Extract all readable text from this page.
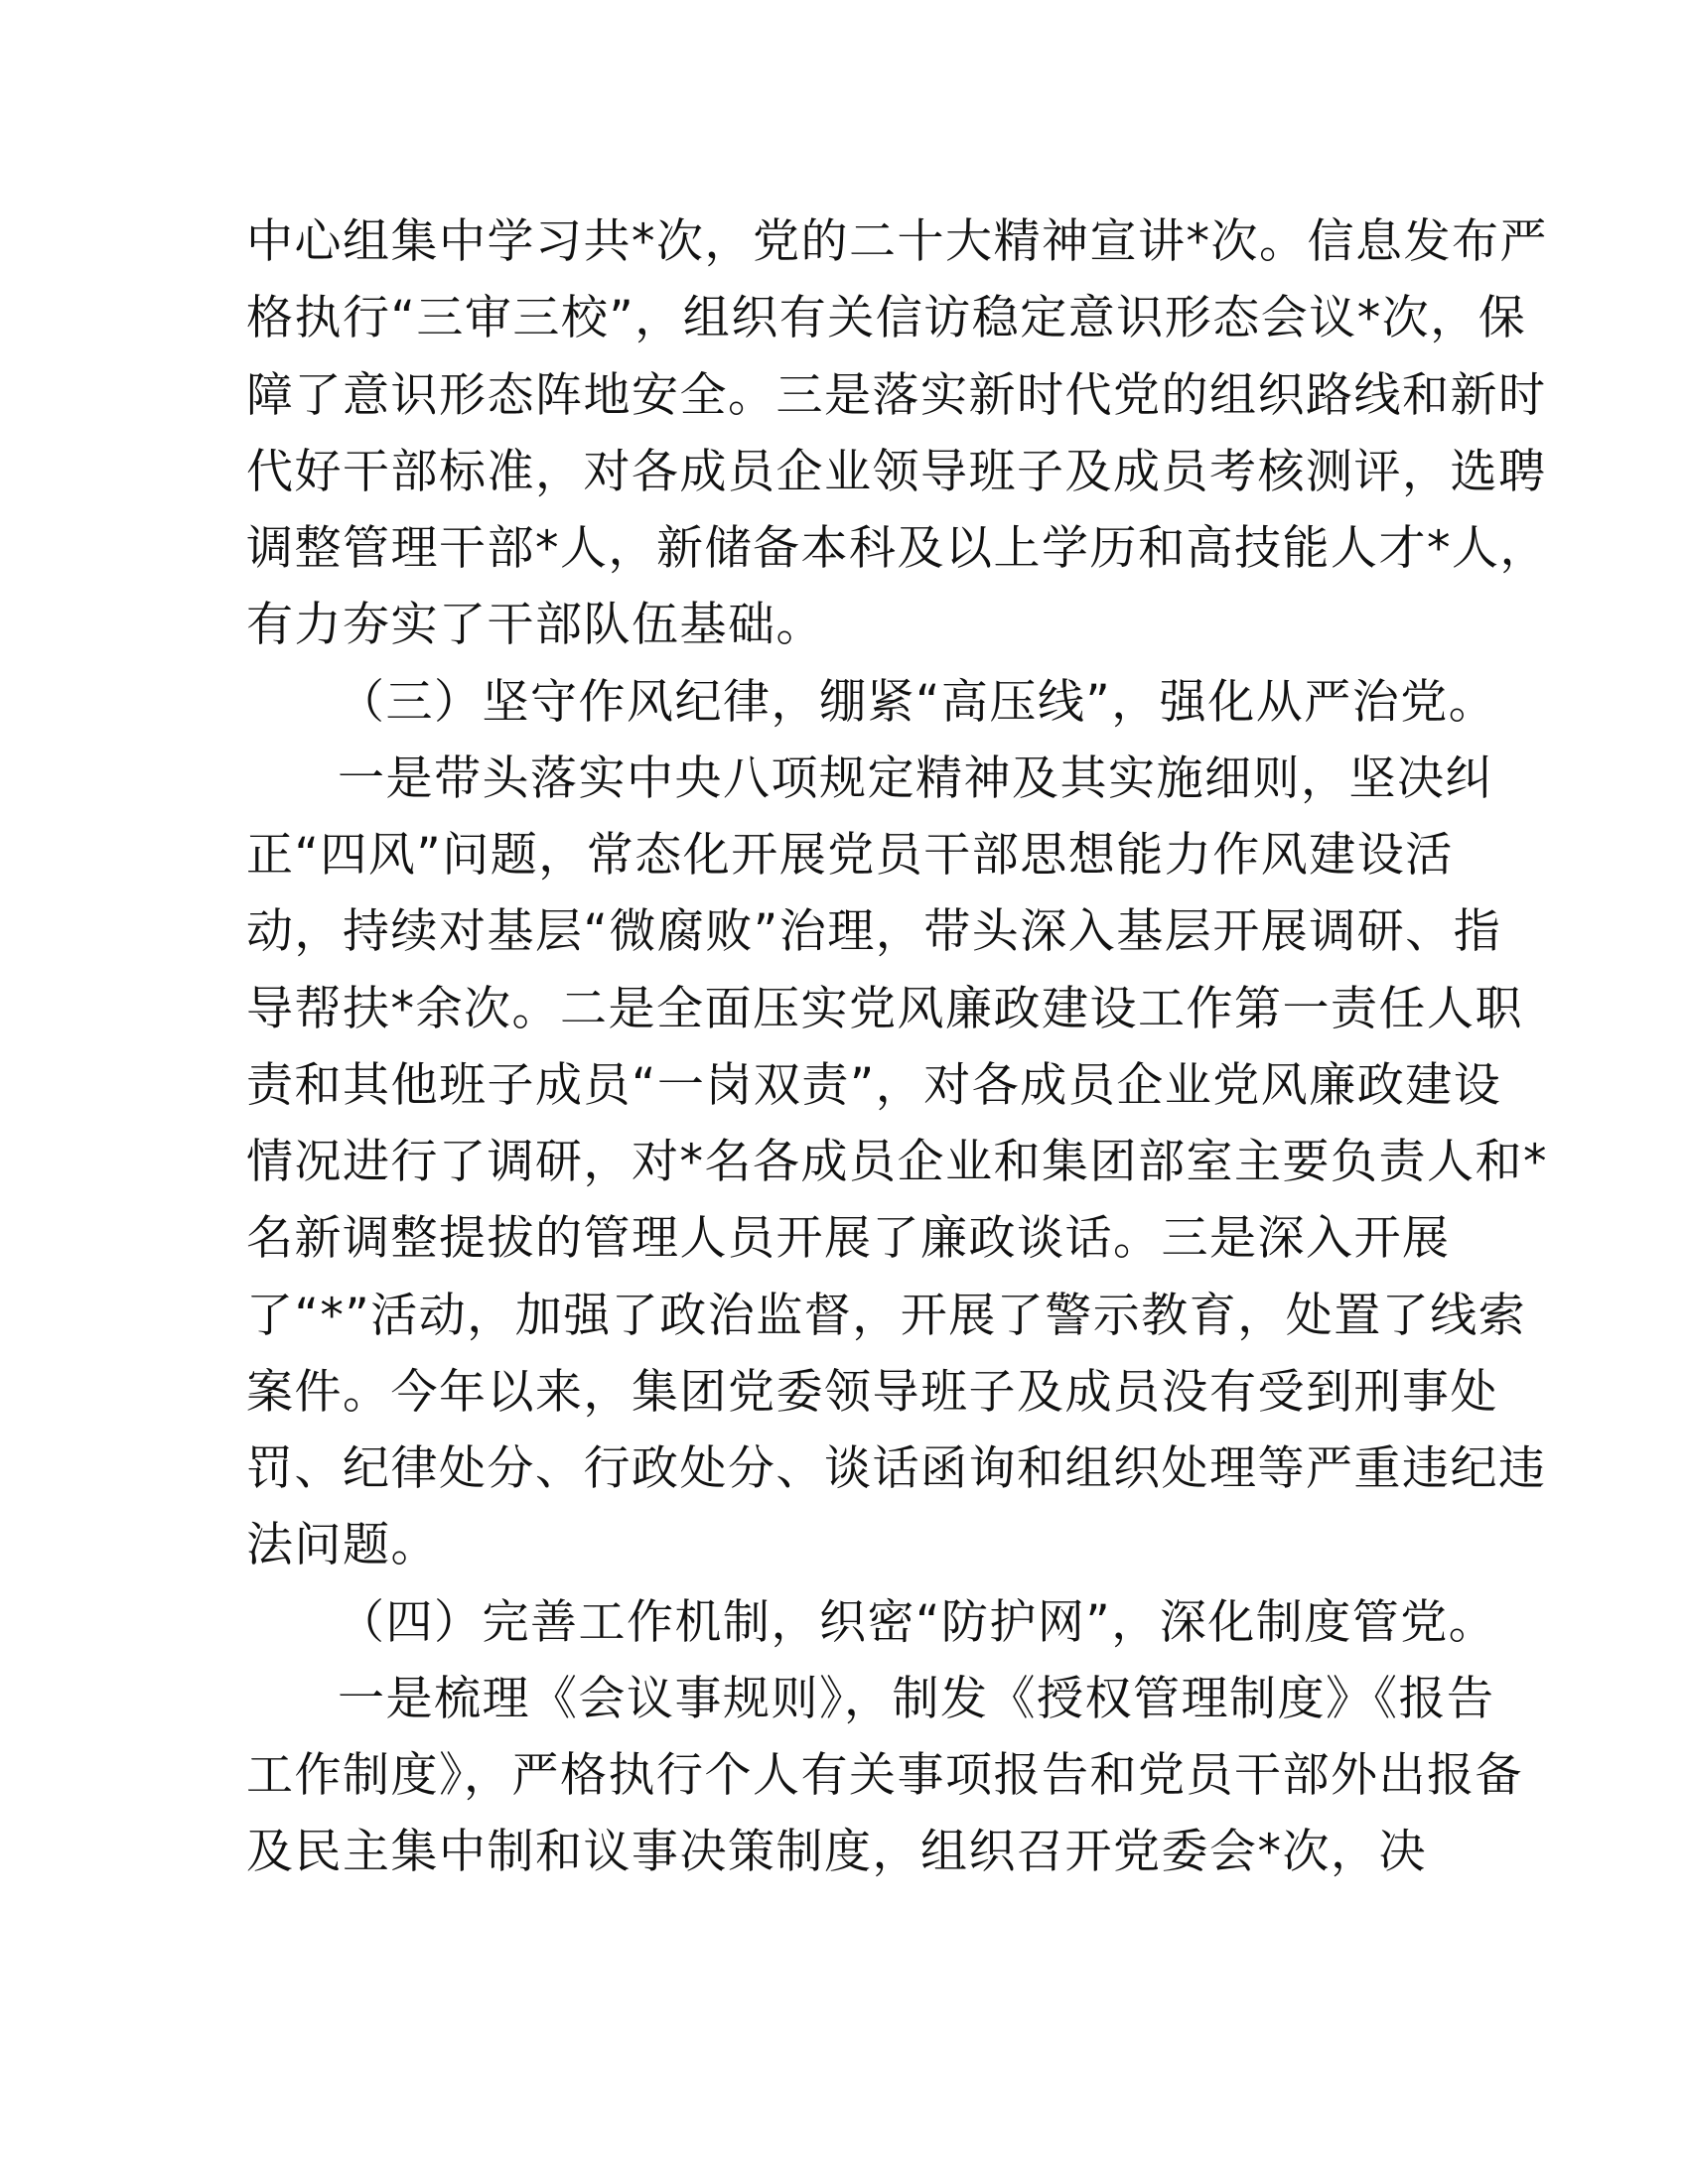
中心组集中学习共*次，党的二十大精神宣讲*次。信息发布严
格执行“三审三校”，组织有关信访稳定意识形态会议*次，保
障了意识形态阵地安全。三是落实新时代党的组织路线和新时
代好干部标准，对各成员企业领导班子及成员考核测评，选聘
调整管理干部*人，新储备本科及以上学历和高技能人才*人，
有力夯实了干部队伍基础。
（三）坚守作风纪律，绷紧“高压线”，强化从严治党。
一是带头落实中央八项规定精神及其实施细则，坚决纠
正“四风”问题，常态化开展党员干部思想能力作风建设活
动，持续对基层“微腐败”治理，带头深入基层开展调研、指
导帮扶*余次。二是全面压实党风廉政建设工作第一责任人职
责和其他班子成员“一岗双责”，对各成员企业党风廉政建设
情况进行了调研，对*名各成员企业和集团部室主要负责人和*
名新调整提拔的管理人员开展了廉政谈话。三是深入开展
了“*”活动，加强了政治监督，开展了警示教育，处置了线索
案件。今年以来，集团党委领导班子及成员没有受到刑事处
罚、纪律处分、行政处分、谈话函询和组织处理等严重违纪违
法问题。
（四）完善工作机制，织密“防护网”，深化制度管党。
一是梳理《会议事规则》，制发《授权管理制度》《报告
工作制度》，严格执行个人有关事项报告和党员干部外出报备
及民主集中制和议事决策制度，组织召开党委会*次，决
